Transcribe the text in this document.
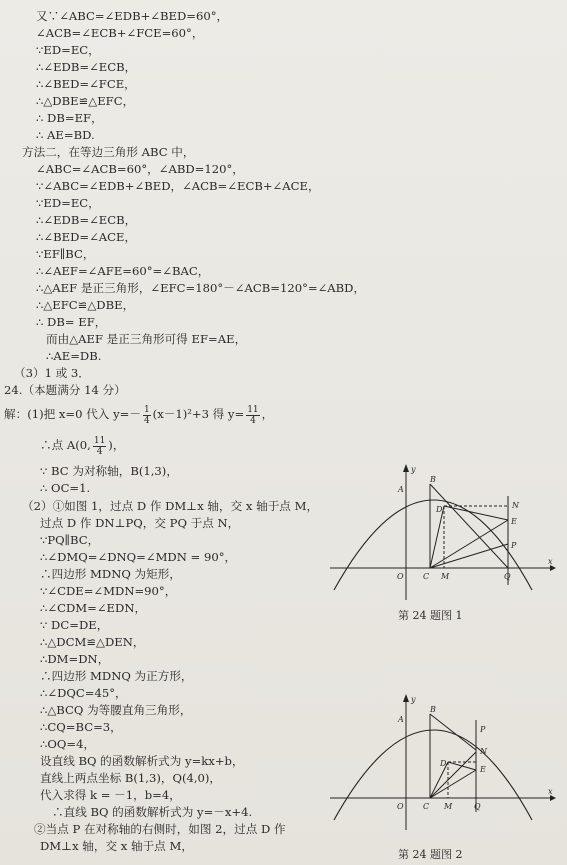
又∵∠ABC=∠EDB+∠BED=60°，
∠ACB=∠ECB+∠FCE=60°，
∵ED=EC，
∴∠EDB=∠ECB，
∴∠BED=∠FCE，
∴△DBE≌△EFC，
∴ DB=EF，
∴ AE=BD.
方法二，在等边三角形 ABC 中，
∠ABC=∠ACB=60°，∠ABD=120°，
∵∠ABC=∠EDB+∠BED，∠ACB=∠ECB+∠ACE，
∵ED=EC，
∴∠EDB=∠ECB，
∴∠BED=∠ACE，
∵EF∥BC，
∴∠AEF=∠AFE=60°=∠BAC，
∴△AEF 是正三角形，∠EFC=180°－∠ACB=120°=∠ABD，
∴△EFC≌△DBE，
∴ DB= EF，
而由△AEF 是正三角形可得 EF=AE，
∴AE=DB.
（3）1 或 3．
24.（本题满分 14 分）
解：(1)把 x=0 代入 $y=- \frac{1}{4} (x-1)^2+3$ 得 $y= \frac{11}{4}$ ，
∴点 A(0, $\frac{11}{4}$ )，
∵ BC 为对称轴，B(1,3)，
∴ OC=1.
（2）①如图 1，过点 D 作 DM⊥x 轴，交 x 轴于点 M，
过点 D 作 DN⊥PQ，交 PQ 于点 N，
∵PQ∥BC，
∴∠DMQ=∠DNQ=∠MDN = 90°，
∴四边形 MDNQ 为矩形，
∵∠CDE=∠MDN=90°，
∴∠CDM=∠EDN，
∵ DC=DE，
∴△DCM≌△DEN，
∴DM=DN，
∴四边形 MDNQ 为正方形，
∴∠DQC=45°，
∴△BCQ 为等腰直角三角形，
∴CQ=BC=3，
∴OQ=4，
设直线 BQ 的函数解析式为 y=kx+b，
直线上两点坐标 B(1,3)，Q(4,0)，
代入求得 k = －1，b=4，
∴直线 BQ 的函数解析式为 y=－x+4.
②当点 P 在对称轴的右侧时，如图 2，过点 D 作
DM⊥x 轴，交 x 轴于点 M，
y
x
A
B
N
D
E
P
O C M	Q
第 24 题图 1
y
x
A
B
P
N
D
E
O C M	Q
第 24 题图 2
